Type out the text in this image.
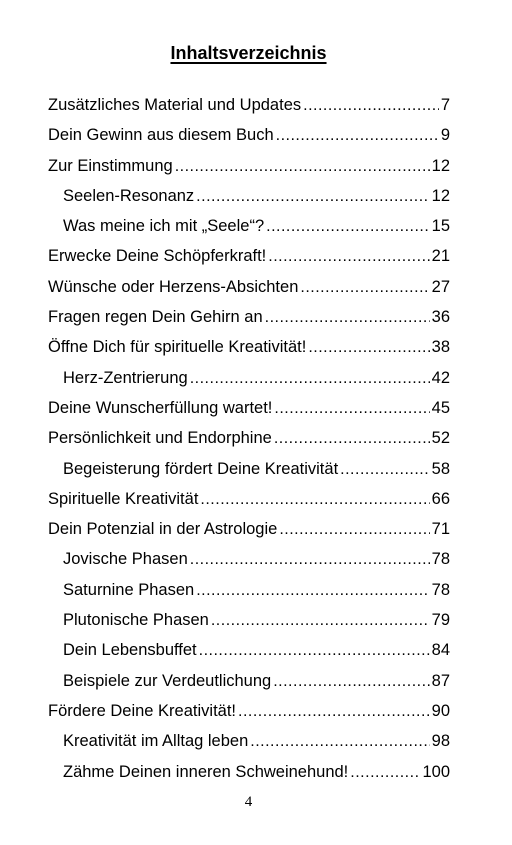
Inhaltsverzeichnis
Zusätzliches Material und Updates .....	7
Dein Gewinn aus diesem Buch .....	9
Zur Einstimmung .....	12
Seelen-Resonanz .....	12
Was meine ich mit „Seele“? .....	15
Erwecke Deine Schöpferkraft! .....	21
Wünsche oder Herzens-Absichten .....	27
Fragen regen Dein Gehirn an .....	36
Öffne Dich für spirituelle Kreativität! .....	38
Herz-Zentrierung .....	42
Deine Wunscherfüllung wartet! .....	45
Persönlichkeit und Endorphine .....	52
Begeisterung fördert Deine Kreativität .....	58
Spirituelle Kreativität .....	66
Dein Potenzial in der Astrologie .....	71
Jovische Phasen .....	78
Saturnine Phasen .....	78
Plutonische Phasen .....	79
Dein Lebensbuffet .....	84
Beispiele zur Verdeutlichung .....	87
Fördere Deine Kreativität! .....	90
Kreativität im Alltag leben .....	98
Zähme Deinen inneren Schweinehund! .....	100
4
